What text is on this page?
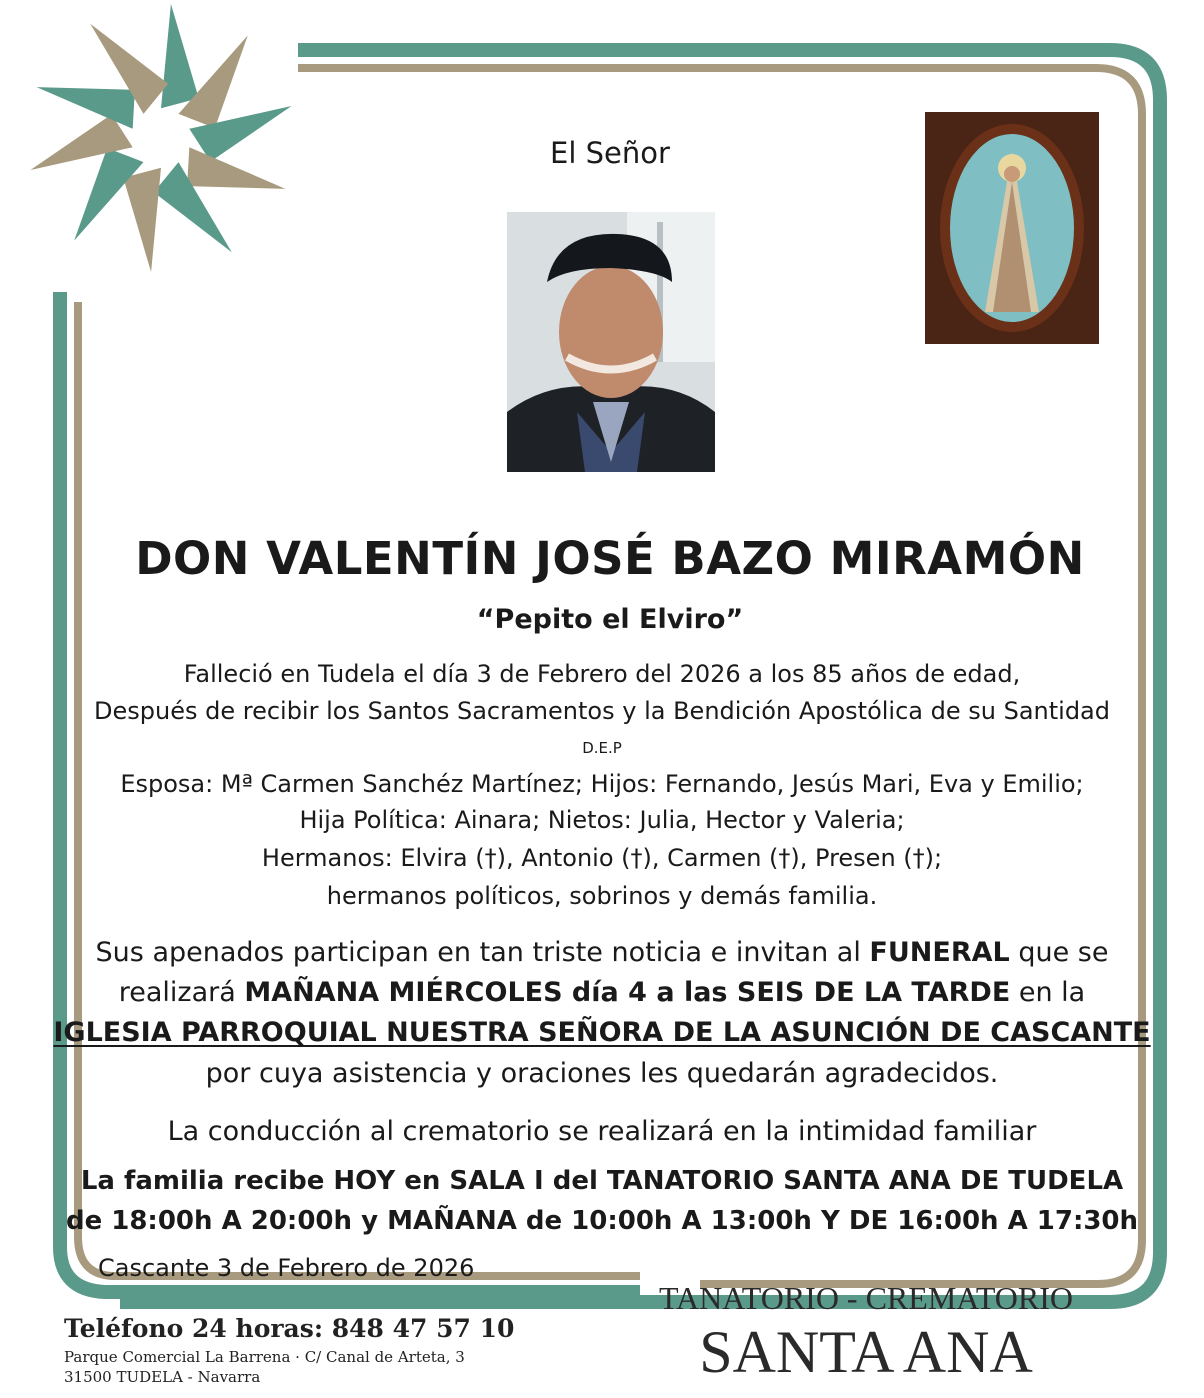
El Señor
DON VALENTÍN JOSÉ BAZO MIRAMÓN
“Pepito el Elviro”
Falleció en Tudela el día 3 de Febrero del 2026 a los 85 años de edad,
Después de recibir los Santos Sacramentos y la Bendición Apostólica de su Santidad
D.E.P
Esposa: Mª Carmen Sanchéz Martínez; Hijos: Fernando, Jesús Mari, Eva y Emilio;
Hija Política: Ainara; Nietos: Julia, Hector y Valeria;
Hermanos: Elvira (†), Antonio (†), Carmen (†), Presen (†);
hermanos políticos, sobrinos y demás familia.
Sus apenados participan en tan triste noticia e invitan al FUNERAL que se
realizará MAÑANA MIÉRCOLES día 4 a las SEIS DE LA TARDE en la
IGLESIA PARROQUIAL NUESTRA SEÑORA DE LA ASUNCIÓN DE CASCANTE
por cuya asistencia y oraciones les quedarán agradecidos.
La conducción al crematorio se realizará en la intimidad familiar
La familia recibe HOY en SALA I del TANATORIO SANTA ANA DE TUDELA
de 18:00h A 20:00h y MAÑANA de 10:00h A 13:00h Y DE 16:00h A 17:30h
Cascante 3 de Febrero de 2026
Teléfono 24 horas: 848 47 57 10
Parque Comercial La Barrena · C/ Canal de Arteta, 3
31500 TUDELA - Navarra
TANATORIO - CREMATORIO
SANTA ANA
